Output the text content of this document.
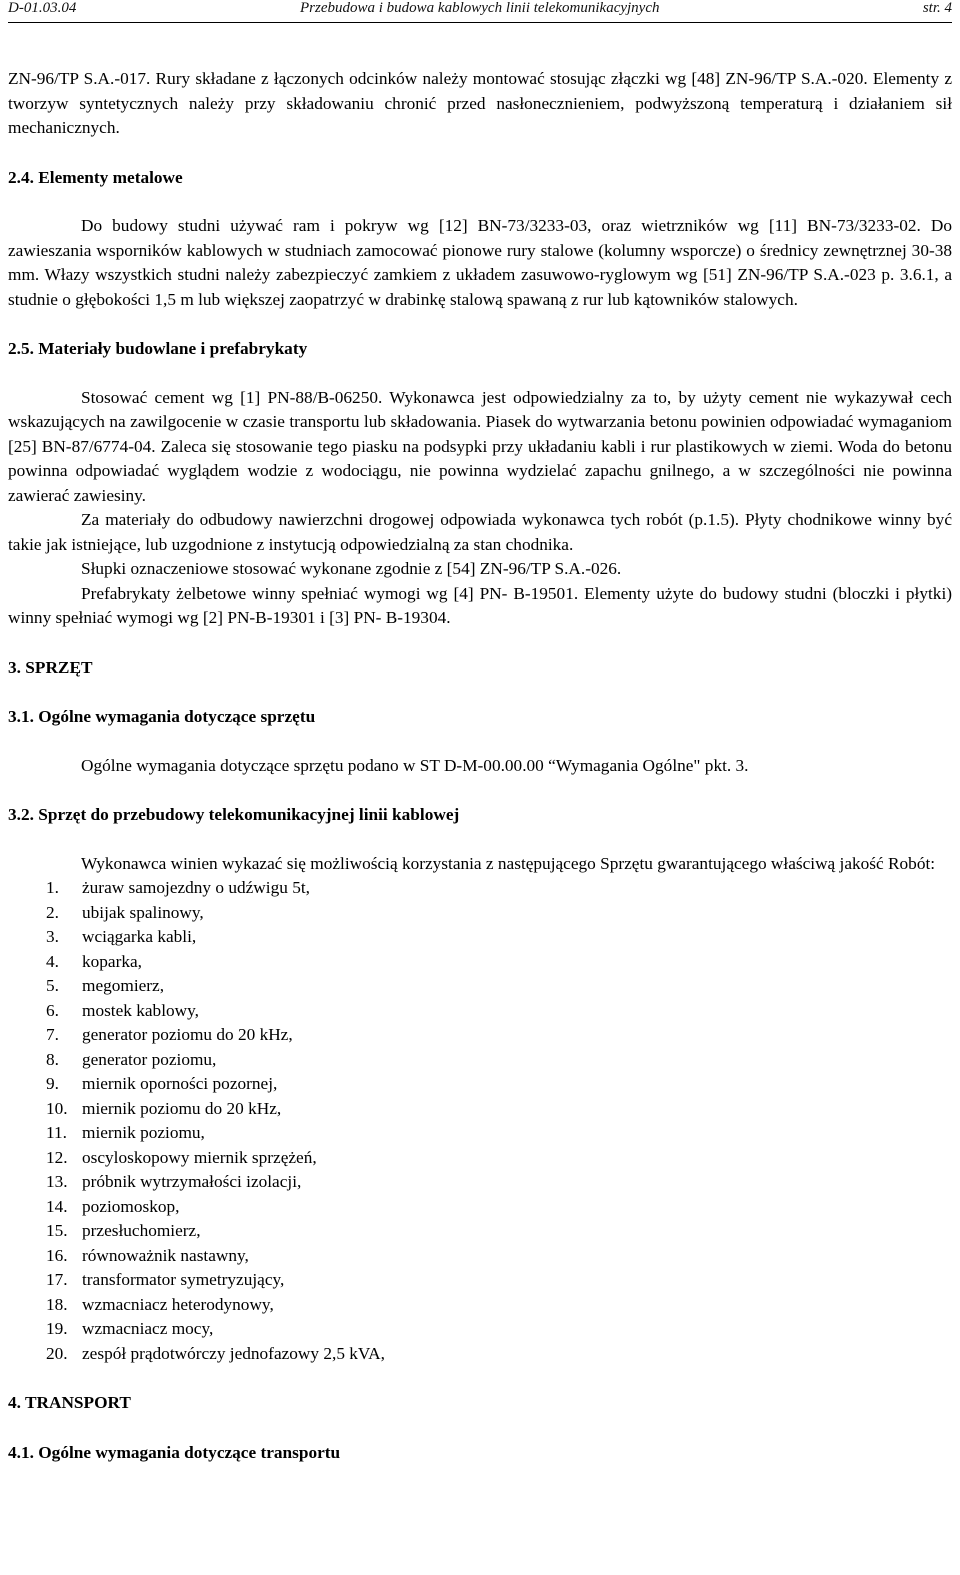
D-01.03.04	Przebudowa i budowa kablowych linii telekomunikacyjnych	str. 4

ZN-96/TP S.A.-017. Rury składane z łączonych odcinków należy montować stosując złączki wg [48] ZN-96/TP S.A.-020. Elementy z tworzyw syntetycznych należy przy składowaniu chronić przed nasłonecznieniem, podwyższoną temperaturą i działaniem sił mechanicznych.

2.4. Elementy metalowe

Do budowy studni używać ram i pokryw wg [12] BN-73/3233-03, oraz wietrzników wg [11] BN-73/3233-02. Do zawieszania wsporników kablowych w studniach zamocować pionowe rury stalowe (kolumny wsporcze) o średnicy zewnętrznej 30-38 mm. Włazy wszystkich studni należy zabezpieczyć zamkiem z układem zasuwowo-ryglowym wg [51] ZN-96/TP S.A.-023 p. 3.6.1, a studnie o głębokości 1,5 m lub większej zaopatrzyć w drabinkę stalową spawaną z rur lub kątowników stalowych.

2.5. Materiały budowlane i prefabrykaty

Stosować cement wg [1] PN-88/B-06250. Wykonawca jest odpowiedzialny za to, by użyty cement nie wykazywał cech wskazujących na zawilgocenie w czasie transportu lub składowania. Piasek do wytwarzania betonu powinien odpowiadać wymaganiom [25] BN-87/6774-04. Zaleca się stosowanie tego piasku na podsypki przy układaniu kabli i rur plastikowych w ziemi. Woda do betonu powinna odpowiadać wyglądem wodzie z wodociągu, nie powinna wydzielać zapachu gnilnego, a w szczególności nie powinna zawierać zawiesiny.

Za materiały do odbudowy nawierzchni drogowej odpowiada wykonawca tych robót (p.1.5). Płyty chodnikowe winny być takie jak istniejące, lub uzgodnione z instytucją odpowiedzialną za stan chodnika.

Słupki oznaczeniowe stosować wykonane zgodnie z [54] ZN-96/TP S.A.-026.

Prefabrykaty żelbetowe winny spełniać wymogi wg [4] PN- B-19501. Elementy użyte do budowy studni (bloczki i płytki) winny spełniać wymogi wg [2] PN-B-19301 i [3] PN- B-19304.

3. SPRZĘT

3.1. Ogólne wymagania dotyczące sprzętu

Ogólne wymagania dotyczące sprzętu podano w ST D-M-00.00.00 “Wymagania Ogólne" pkt. 3.

3.2. Sprzęt do przebudowy telekomunikacyjnej linii kablowej

Wykonawca winien wykazać się możliwością korzystania z następującego Sprzętu gwarantującego właściwą jakość Robót:

1.	żuraw samojezdny o udźwigu 5t,
2.	ubijak spalinowy,
3.	wciągarka kabli,
4.	koparka,
5.	megomierz,
6.	mostek kablowy,
7.	generator poziomu do 20 kHz,
8.	generator poziomu,
9.	miernik oporności pozornej,
10. miernik poziomu do 20 kHz,
11. miernik poziomu,
12. oscyloskopowy miernik sprzężeń,
13. próbnik wytrzymałości izolacji,
14. poziomoskop,
15. przesłuchomierz,
16. równoważnik nastawny,
17. transformator symetryzujący,
18. wzmacniacz heterodynowy,
19. wzmacniacz mocy,
20. zespół prądotwórczy jednofazowy 2,5 kVA,

4. TRANSPORT

4.1. Ogólne wymagania dotyczące transportu
